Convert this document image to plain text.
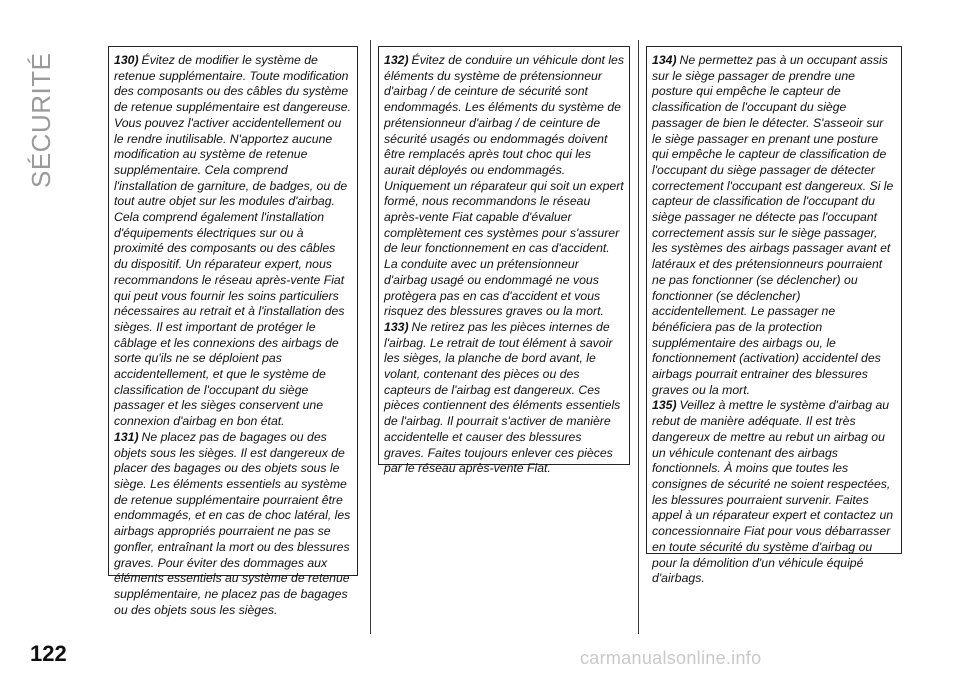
SÉCURITÉ	130) Évitez de modifier le système de retenue supplémentaire. Toute modification des composants ou des câbles du système de retenue supplémentaire est dangereuse. Vous pouvez l'activer accidentellement ou le rendre inutilisable. N'apportez aucune modification au système de retenue supplémentaire. Cela comprend l'installation de garniture, de badges, ou de tout autre objet sur les modules d'airbag. Cela comprend également l'installation d'équipements électriques sur ou à proximité des composants ou des câbles du dispositif. Un réparateur expert, nous recommandons le réseau après-vente Fiat qui peut vous fournir les soins particuliers nécessaires au retrait et à l'installation des sièges. Il est important de protéger le câblage et les connexions des airbags de sorte qu'ils ne se déploient pas accidentellement, et que le système de classification de l'occupant du siège passager et les sièges conservent une connexion d'airbag en bon état.

131) Ne placez pas de bagages ou des objets sous les sièges. Il est dangereux de placer des bagages ou des objets sous le siège. Les éléments essentiels au système de retenue supplémentaire pourraient être endommagés, et en cas de choc latéral, les airbags appropriés pourraient ne pas se gonfler, entraînant la mort ou des blessures graves. Pour éviter des dommages aux éléments essentiels au système de retenue supplémentaire, ne placez pas de bagages ou des objets sous les sièges.

132) Évitez de conduire un véhicule dont les éléments du système de prétensionneur d'airbag / de ceinture de sécurité sont endommagés. Les éléments du système de prétensionneur d'airbag / de ceinture de sécurité usagés ou endommagés doivent être remplacés après tout choc qui les aurait déployés ou endommagés. Uniquement un réparateur qui soit un expert formé, nous recommandons le réseau après-vente Fiat capable d'évaluer complètement ces systèmes pour s'assurer de leur fonctionnement en cas d'accident. La conduite avec un prétensionneur d'airbag usagé ou endommagé ne vous protègera pas en cas d'accident et vous risquez des blessures graves ou la mort.

133) Ne retirez pas les pièces internes de l'airbag. Le retrait de tout élément à savoir les sièges, la planche de bord avant, le volant, contenant des pièces ou des capteurs de l'airbag est dangereux. Ces pièces contiennent des éléments essentiels de l'airbag. Il pourrait s'activer de manière accidentelle et causer des blessures graves. Faites toujours enlever ces pièces par le réseau après-vente Fiat.

134) Ne permettez pas à un occupant assis sur le siège passager de prendre une posture qui empêche le capteur de classification de l'occupant du siège passager de bien le détecter. S'asseoir sur le siège passager en prenant une posture qui empêche le capteur de classification de l'occupant du siège passager de détecter correctement l'occupant est dangereux. Si le capteur de classification de l'occupant du siège passager ne détecte pas l'occupant correctement assis sur le siège passager, les systèmes des airbags passager avant et latéraux et des prétensionneurs pourraient ne pas fonctionner (se déclencher) ou fonctionner (se déclencher) accidentellement. Le passager ne bénéficiera pas de la protection supplémentaire des airbags ou, le fonctionnement (activation) accidentel des airbags pourrait entrainer des blessures graves ou la mort.

135) Veillez à mettre le système d'airbag au rebut de manière adéquate. Il est très dangereux de mettre au rebut un airbag ou un véhicule contenant des airbags fonctionnels. À moins que toutes les consignes de sécurité ne soient respectées, les blessures pourraient survenir. Faites appel à un réparateur expert et contactez un concessionnaire Fiat pour vous débarrasser en toute sécurité du système d'airbag ou pour la démolition d'un véhicule équipé d'airbags.

122	carmanualsonline.info
